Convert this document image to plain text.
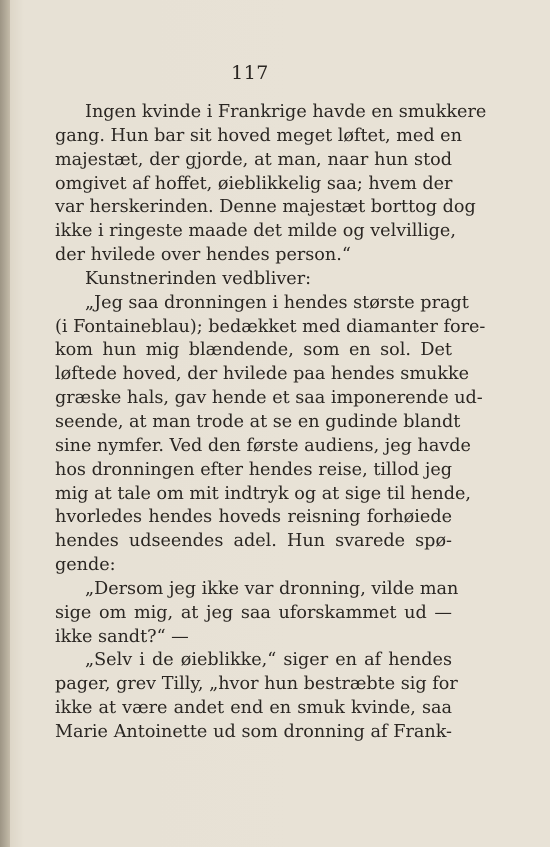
117
Ingen kvinde i Frankrige havde en smukkere
gang. Hun bar sit hoved meget løftet, med en
majestæt, der gjorde, at man, naar hun stod
omgivet af hoffet, øieblikkelig saa; hvem der
var herskerinden. Denne majestæt borttog dog
ikke i ringeste maade det milde og velvillige,
der hvilede over hendes person.“
Kunstnerinden vedbliver:
„Jeg saa dronningen i hendes største pragt
(i Fontaineblau); bedækket med diamanter fore-
kom hun mig blændende, som en sol. Det
løftede hoved, der hvilede paa hendes smukke
græske hals, gav hende et saa imponerende ud-
seende, at man trode at se en gudinde blandt
sine nymfer. Ved den første audiens, jeg havde
hos dronningen efter hendes reise, tillod jeg
mig at tale om mit indtryk og at sige til hende,
hvorledes hendes hoveds reisning forhøiede
hendes udseendes adel. Hun svarede spø-
gende:
„Dersom jeg ikke var dronning, vilde man
sige om mig, at jeg saa uforskammet ud —
ikke sandt?“ —
„Selv i de øieblikke,“ siger en af hendes
pager, grev Tilly, „hvor hun bestræbte sig for
ikke at være andet end en smuk kvinde, saa
Marie Antoinette ud som dronning af Frank-
